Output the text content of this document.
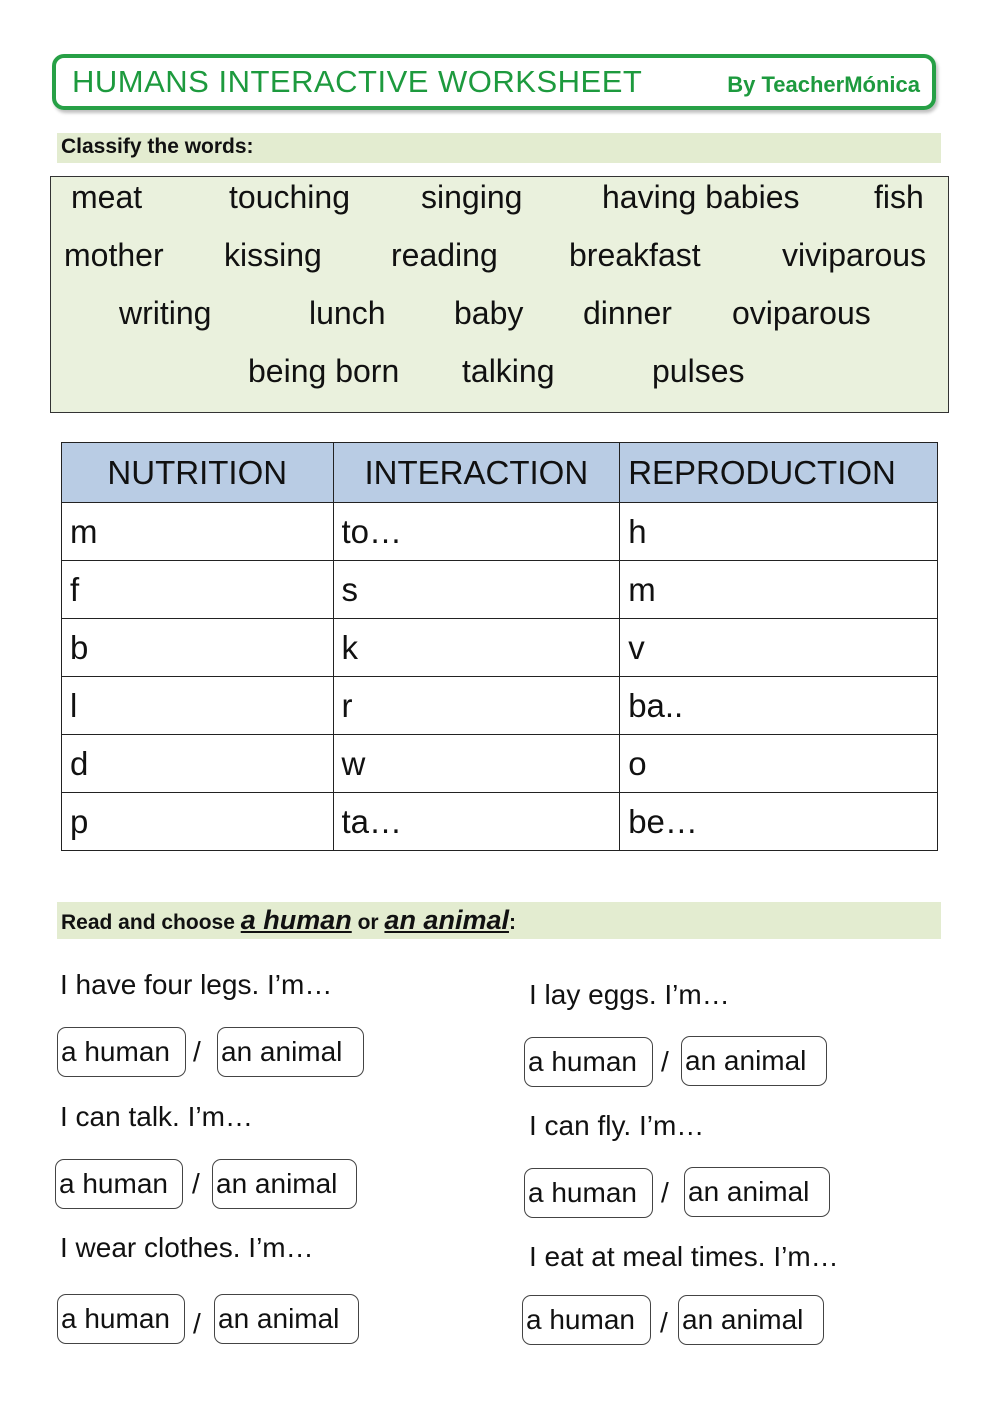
HUMANS INTERACTIVE WORKSHEET	By TeacherMónica
Classify the words:
meat	touching singing having babies fish
mother kissing reading breakfast	viviparous
writing	lunch baby dinner oviparous
being born talking	pulses
NUTRITION	INTERACTION	REPRODUCTION
m	to…	h
f	s	m
b	k	v
l	r	ba..
d	w	o
p	ta…	be…
Read and choose a human or an animal:
I have four legs. I’m…
a human / an animal
I can talk. I’m…
a human / an animal
I wear clothes. I’m…
a human / an animal
I lay eggs. I’m…
a human / an animal
I can fly. I’m…
a human / an animal
I eat at meal times. I’m…
a human / an animal
